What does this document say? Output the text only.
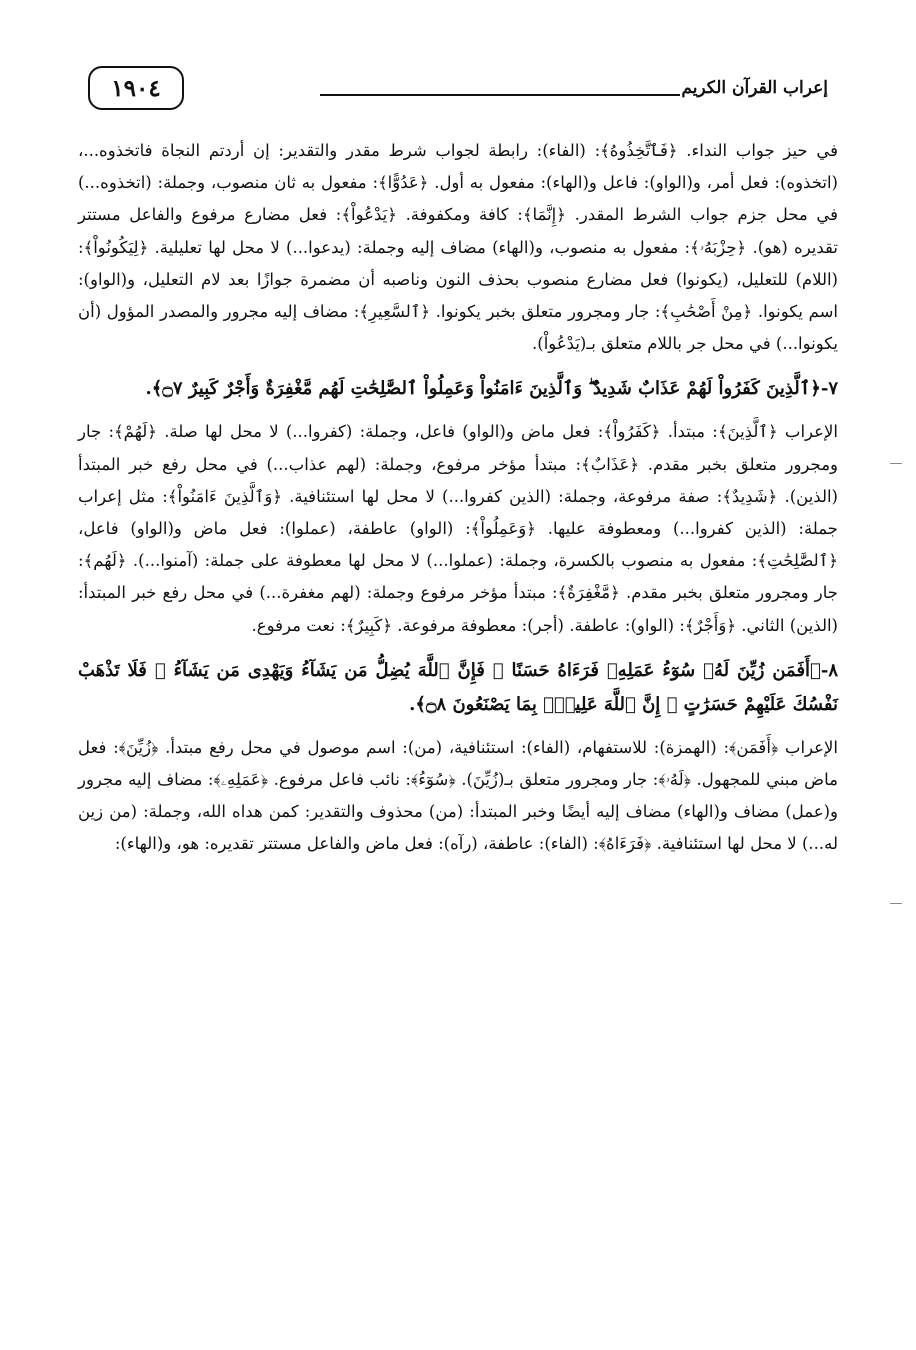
إعراب القرآن الكريم
١٩٠٤

في حيز جواب النداء. ﴿فَٱتَّخِذُوهُ﴾: (الفاء): رابطة لجواب شرط مقدر والتقدير: إن أردتم النجاة فاتخذوه...، (اتخذوه): فعل أمر، و(الواو): فاعل و(الهاء): مفعول به أول. ﴿عَدُوًّا﴾: مفعول به ثان منصوب، وجملة: (اتخذوه...) في محل جزم جواب الشرط المقدر. ﴿إِنَّمَا﴾: كافة ومكفوفة. ﴿يَدْعُواْ﴾: فعل مضارع مرفوع والفاعل مستتر تقديره (هو). ﴿حِزْبَهُۥ﴾: مفعول به منصوب، و(الهاء) مضاف إليه وجملة: (يدعوا...) لا محل لها تعليلية. ﴿لِيَكُونُواْ﴾: (اللام) للتعليل، (يكونوا) فعل مضارع منصوب بحذف النون وناصبه أن مضمرة جوازًا بعد لام التعليل، و(الواو): اسم يكونوا. ﴿مِنْ أَصْحَٰبِ﴾: جار ومجرور متعلق بخبر يكونوا. ﴿ٱلسَّعِيرِ﴾: مضاف إليه مجرور والمصدر المؤول (أن يكونوا...) في محل جر باللام متعلق بـ(يَدْعُواْ).

٧-﴿ٱلَّذِينَ كَفَرُواْ لَهُمْ عَذَابٌ شَدِيدٌ ۖ وَٱلَّذِينَ ءَامَنُواْ وَعَمِلُواْ ٱلصَّٰلِحَٰتِ لَهُم مَّغْفِرَةٌ وَأَجْرٌ كَبِيرٌ ۝٧﴾.

الإعراب ﴿ٱلَّذِينَ﴾: مبتدأ. ﴿كَفَرُواْ﴾: فعل ماض و(الواو) فاعل، وجملة: (كفروا...) لا محل لها صلة. ﴿لَهُمْ﴾: جار ومجرور متعلق بخبر مقدم. ﴿عَذَابٌ﴾: مبتدأ مؤخر مرفوع، وجملة: (لهم عذاب...) في محل رفع خبر المبتدأ (الذين). ﴿شَدِيدٌ﴾: صفة مرفوعة، وجملة: (الذين كفروا...) لا محل لها استئنافية. ﴿وَٱلَّذِينَ ءَامَنُواْ﴾: مثل إعراب جملة: (الذين كفروا...) ومعطوفة عليها. ﴿وَعَمِلُواْ﴾: (الواو) عاطفة، (عملوا): فعل ماض و(الواو) فاعل، ﴿ٱلصَّٰلِحَٰتِ﴾: مفعول به منصوب بالكسرة، وجملة: (عملوا...) لا محل لها معطوفة على جملة: (آمنوا...). ﴿لَهُم﴾: جار ومجرور متعلق بخبر مقدم. ﴿مَّغْفِرَةٌ﴾: مبتدأ مؤخر مرفوع وجملة: (لهم مغفرة...) في محل رفع خبر المبتدأ: (الذين) الثاني. ﴿وَأَجْرٌ﴾: (الواو): عاطفة. (أجر): معطوفة مرفوعة. ﴿كَبِيرٌ﴾: نعت مرفوع.

٨-﴿أَفَمَن زُيِّنَ لَهُۥ سُوٓءُ عَمَلِهِۦ فَرَءَاهُ حَسَنًا ۖ فَإِنَّ ٱللَّهَ يُضِلُّ مَن يَشَآءُ وَيَهْدِى مَن يَشَآءُ ۖ فَلَا تَذْهَبْ نَفْسُكَ عَلَيْهِمْ حَسَرَٰتٍ ۚ إِنَّ ٱللَّهَ عَلِيمٌۢ بِمَا يَصْنَعُونَ ۝٨﴾.

الإعراب ﴿أَفَمَن﴾: (الهمزة): للاستفهام، (الفاء): استئنافية، (من): اسم موصول في محل رفع مبتدأ. ﴿زُيِّنَ﴾: فعل ماض مبني للمجهول. ﴿لَهُۥ﴾: جار ومجرور متعلق بـ(زُيِّنَ). ﴿سُوٓءُ﴾: نائب فاعل مرفوع. ﴿عَمَلِهِۦ﴾: مضاف إليه مجرور و(عمل) مضاف و(الهاء) مضاف إليه أيضًا وخبر المبتدأ: (من) محذوف والتقدير: كمن هداه الله، وجملة: (من زين له...) لا محل لها استئنافية. ﴿فَرَءَاهُ﴾: (الفاء): عاطفة، (رآه): فعل ماض والفاعل مستتر تقديره: هو، و(الهاء):
